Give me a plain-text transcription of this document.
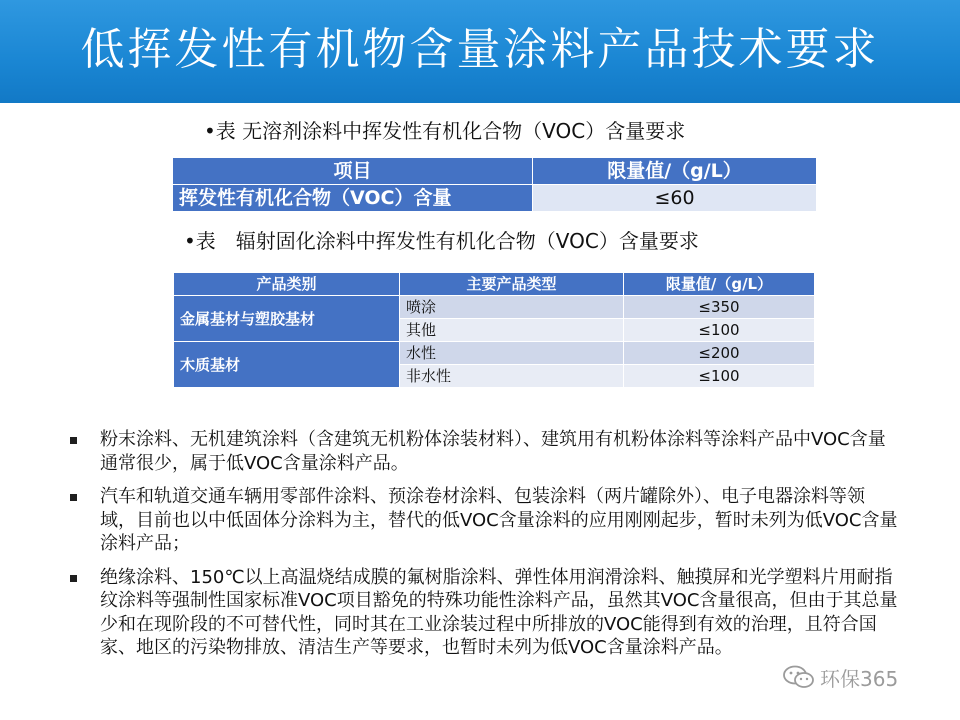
低挥发性有机物含量涂料产品技术要求
•表 无溶剂涂料中挥发性有机化合物（VOC）含量要求
项目	限量值/（g/L）
挥发性有机化合物（VOC）含量	≤60
•表　辐射固化涂料中挥发性有机化合物（VOC）含量要求
产品类别	主要产品类型	限量值/（g/L）
金属基材与塑胶基材	喷涂	≤350
	其他	≤100
木质基材	水性	≤200
	非水性	≤100
粉末涂料、无机建筑涂料（含建筑无机粉体涂装材料）、建筑用有机粉体涂料等涂料产品中VOC含量通常很少，属于低VOC含量涂料产品。
汽车和轨道交通车辆用零部件涂料、预涂卷材涂料、包装涂料（两片罐除外）、电子电器涂料等领域，目前也以中低固体分涂料为主，替代的低VOC含量涂料的应用刚刚起步，暂时未列为低VOC含量涂料产品；
绝缘涂料、150℃以上高温烧结成膜的氟树脂涂料、弹性体用润滑涂料、触摸屏和光学塑料片用耐指纹涂料等强制性国家标准VOC项目豁免的特殊功能性涂料产品，虽然其VOC含量很高，但由于其总量少和在现阶段的不可替代性，同时其在工业涂装过程中所排放的VOC能得到有效的治理，且符合国家、地区的污染物排放、清洁生产等要求，也暂时未列为低VOC含量涂料产品。
环保365
